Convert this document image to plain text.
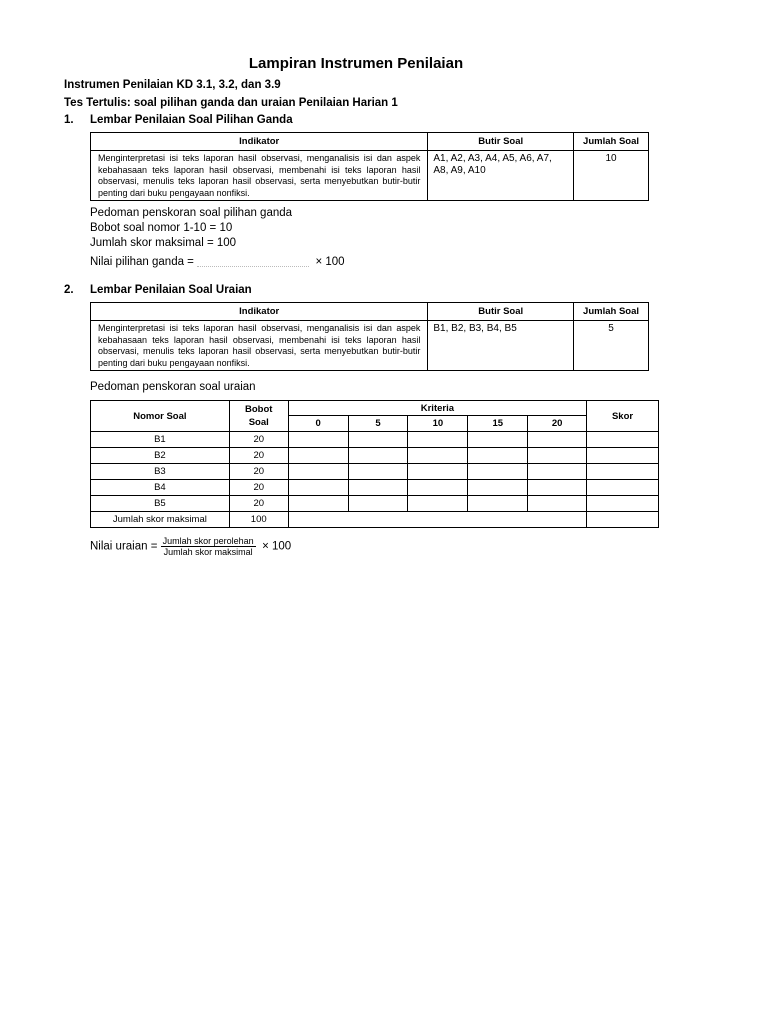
Lampiran Instrumen Penilaian
Instrumen Penilaian KD 3.1, 3.2, dan 3.9
Tes Tertulis: soal pilihan ganda dan uraian Penilaian Harian 1
1. Lembar Penilaian Soal Pilihan Ganda
Indikator	Butir Soal	Jumlah Soal
Menginterpretasi isi teks laporan hasil observasi, menganalisis isi dan aspek kebahasaan teks laporan hasil observasi, membenahi isi teks laporan hasil observasi, menulis teks laporan hasil observasi, serta menyebutkan butir-butir penting dari buku pengayaan nonfiksi.	A1, A2, A3, A4, A5, A6, A7, A8, A9, A10	10
Pedoman penskoran soal pilihan ganda
Bobot soal nomor 1-10 = 10
Jumlah skor maksimal = 100
Nilai pilihan ganda =	× 100
2. Lembar Penilaian Soal Uraian
Indikator	Butir Soal	Jumlah Soal
Menginterpretasi isi teks laporan hasil observasi, menganalisis isi dan aspek kebahasaan teks laporan hasil observasi, membenahi isi teks laporan hasil observasi, menulis teks laporan hasil observasi, serta menyebutkan butir-butir penting dari buku pengayaan nonfiksi.	B1, B2, B3, B4, B5	5
Pedoman penskoran soal uraian
Nomor Soal	Bobot Soal	Kriteria					Skor
		0	5	10	15	20	
B1	20						
B2	20						
B3	20						
B4	20						
B5	20						
Jumlah skor maksimal	100						
Nilai uraian = $\frac{\text{Jumlah skor perolehan}}{\text{Jumlah skor maksimal}} \times 100$
